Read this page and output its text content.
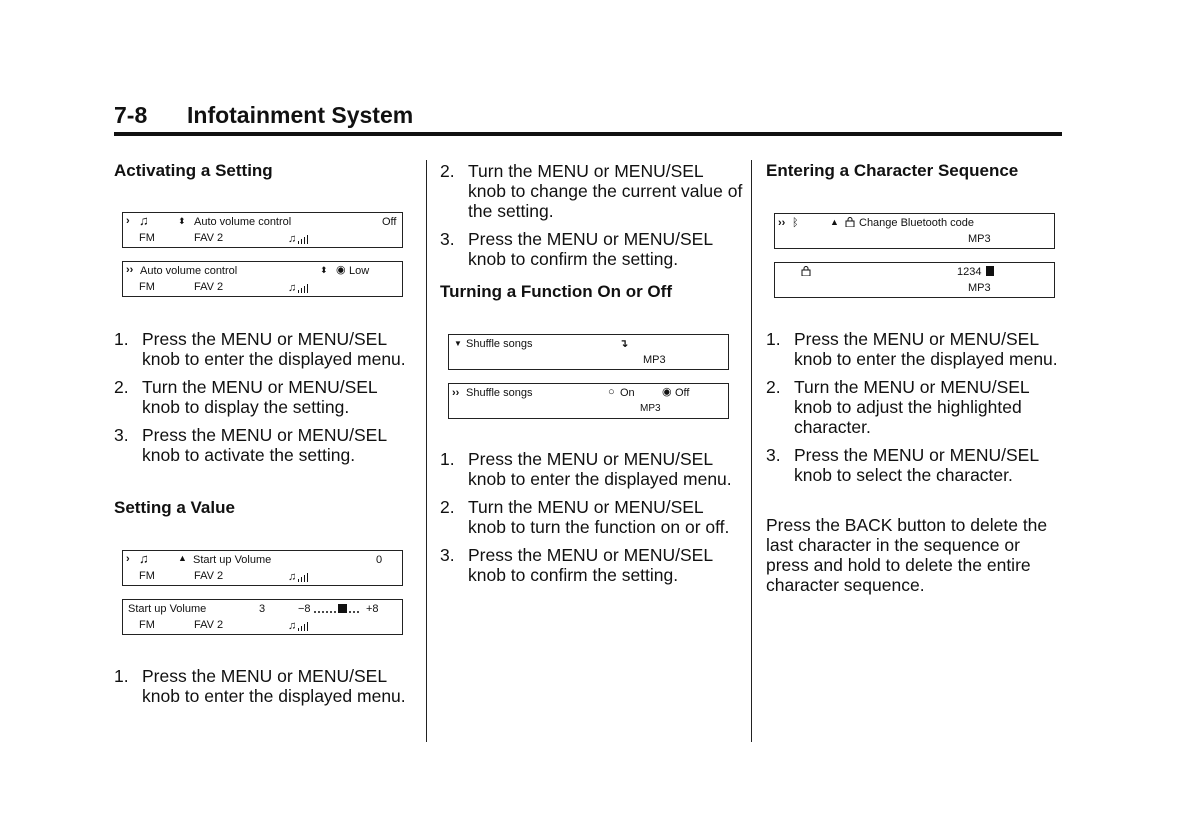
7-8 Infotainment System
Activating a Setting
› ♫	⬍ Auto volume control	Off
FM	FAV 2	♫
›› Auto volume control	⬍ ◉ Low
FM	FAV 2	♫
1. Press the MENU or MENU/SEL knob to enter the displayed menu.
2. Turn the MENU or MENU/SEL knob to display the setting.
3. Press the MENU or MENU/SEL knob to activate the setting.
Setting a Value
› ♫	▲ Start up Volume	0
FM	FAV 2	♫
Start up Volume	3	−8	+8
FM	FAV 2	♫
1. Press the MENU or MENU/SEL knob to enter the displayed menu.
2. Turn the MENU or MENU/SEL knob to change the current value of the setting.
3. Press the MENU or MENU/SEL knob to confirm the setting.
Turning a Function On or Off
▼ Shuffle songs	↴
MP3
›› Shuffle songs	○ On ◉ Off
MP3
1. Press the MENU or MENU/SEL knob to enter the displayed menu.
2. Turn the MENU or MENU/SEL knob to turn the function on or off.
3. Press the MENU or MENU/SEL knob to confirm the setting.
Entering a Character Sequence
›› ᛒ	▲ Change Bluetooth code
MP3
1234
MP3
1. Press the MENU or MENU/SEL knob to enter the displayed menu.
2. Turn the MENU or MENU/SEL knob to adjust the highlighted character.
3. Press the MENU or MENU/SEL knob to select the character.

Press the BACK button to delete the last character in the sequence or press and hold to delete the entire character sequence.
